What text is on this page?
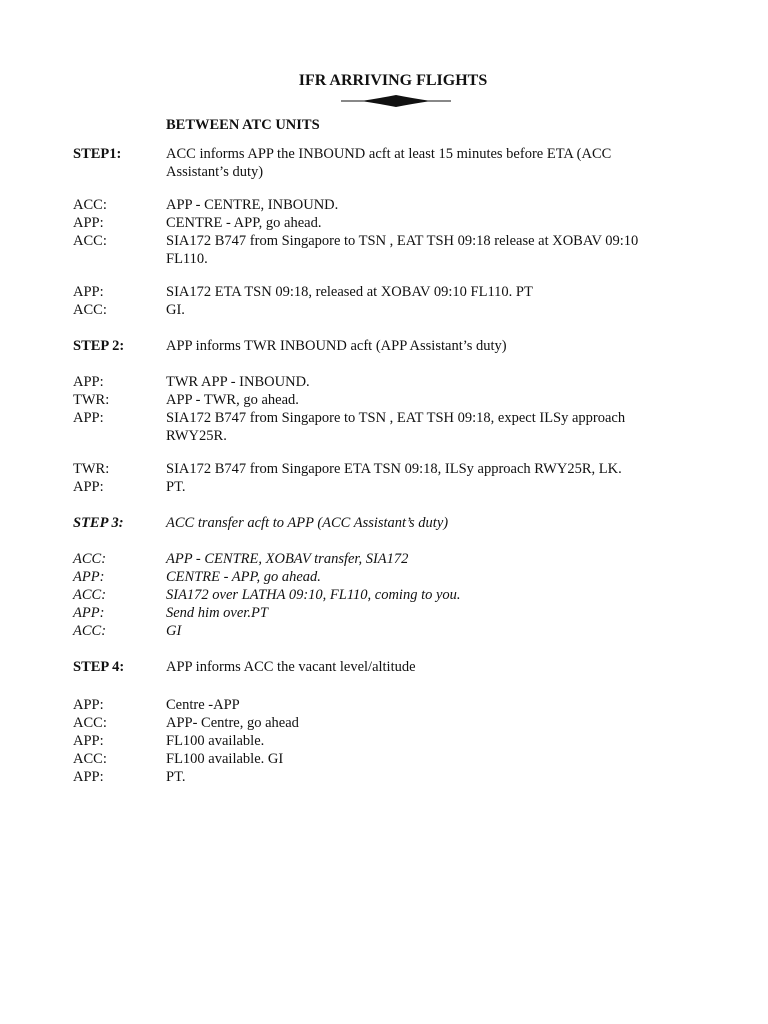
IFR ARRIVING FLIGHTS
BETWEEN ATC UNITS
STEP1:	ACC informs APP the INBOUND acft at least 15 minutes before ETA (ACC Assistant’s duty)
ACC:	APP - CENTRE, INBOUND.
APP:	CENTRE - APP, go ahead.
ACC:	SIA172 B747 from Singapore to TSN , EAT TSH 09:18 release at XOBAV 09:10 FL110.
APP:	SIA172 ETA TSN 09:18, released at XOBAV 09:10 FL110. PT
ACC:	GI.
STEP 2:	APP informs TWR INBOUND acft (APP Assistant’s duty)
APP:	TWR APP - INBOUND.
TWR:	APP - TWR, go ahead.
APP:	SIA172 B747 from Singapore to TSN , EAT TSH 09:18, expect ILSy approach RWY25R.
TWR:	SIA172 B747 from Singapore ETA TSN 09:18, ILSy approach RWY25R, LK.
APP:	PT.
STEP 3:	ACC transfer acft to APP (ACC Assistant’s duty)
ACC:	APP - CENTRE, XOBAV transfer, SIA172
APP:	CENTRE - APP, go ahead.
ACC:	SIA172 over LATHA 09:10, FL110, coming to you.
APP:	Send him over.PT
ACC:	GI
STEP 4:	APP informs ACC the vacant level/altitude
APP:	Centre -APP
ACC:	APP- Centre, go ahead
APP:	FL100 available.
ACC:	FL100 available. GI
APP:	PT.
